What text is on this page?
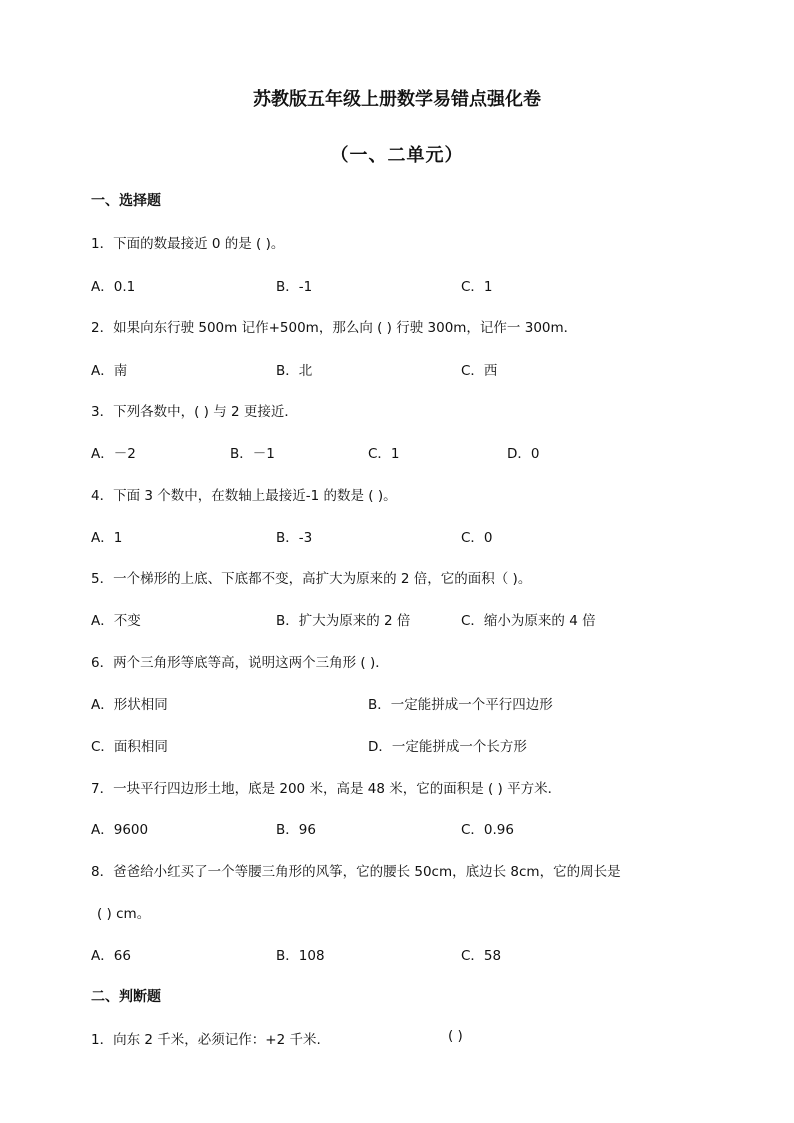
苏教版五年级上册数学易错点强化卷
（一、二单元）
一、选择题
1．下面的数最接近 0 的是 ( )。
A．0.1	B．-1	C．1
2．如果向东行驶 500m 记作+500m，那么向 ( ) 行驶 300m，记作一 300m．
A．南	B．北	C．西
3．下列各数中，( ) 与 2 更接近．
A．－2	B．－1	C．1	D．0
4．下面 3 个数中，在数轴上最接近-1 的数是 ( )。
A．1	B．-3	C．0
5．一个梯形的上底、下底都不变，高扩大为原来的 2 倍，它的面积（ )。
A．不变	B．扩大为原来的 2 倍	C．缩小为原来的 4 倍
6．两个三角形等底等高，说明这两个三角形 ( )．
A．形状相同	B．一定能拼成一个平行四边形
C．面积相同	D．一定能拼成一个长方形
7．一块平行四边形土地，底是 200 米，高是 48 米，它的面积是 ( ) 平方米．
A．9600	B．96	C．0.96
8．爸爸给小红买了一个等腰三角形的风筝，它的腰长 50cm，底边长 8cm，它的周长是
( ) cm。
A．66	B．108	C．58
二、判断题
1．向东 2 千米，必须记作：+2 千米.	( )
